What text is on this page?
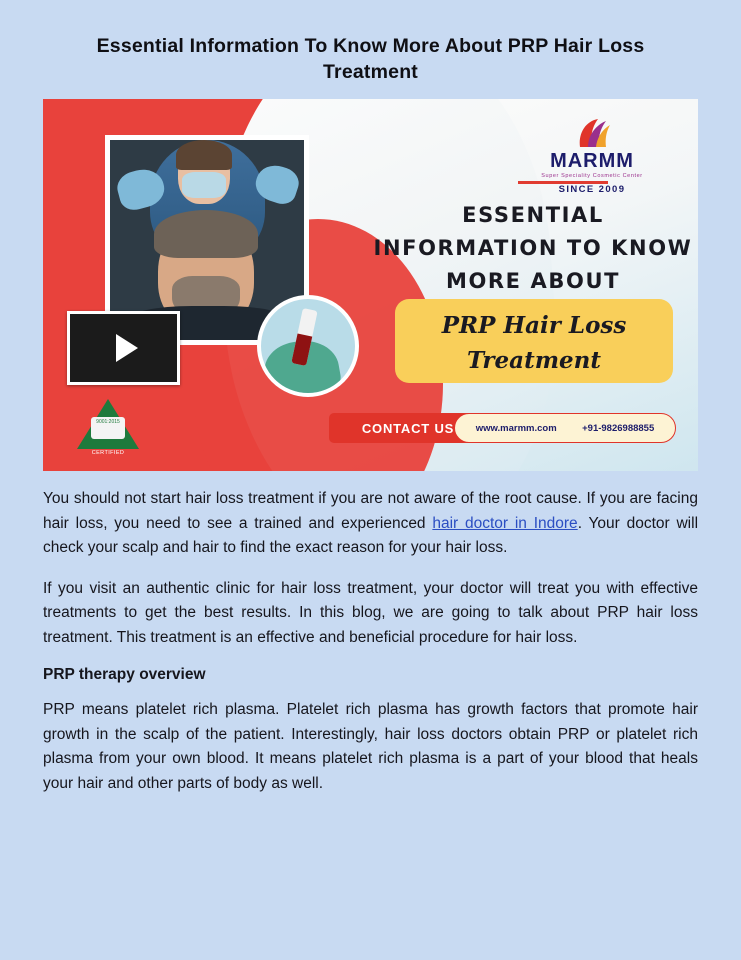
Essential Information To Know More About PRP Hair Loss Treatment
9001:2015
CERTIFIED
MARMM
Super Speciality Cosmetic Center
SINCE 2009
ESSENTIAL
INFORMATION TO KNOW
MORE ABOUT
PRP Hair Loss
Treatment
CONTACT US	www.marmm.com	+91-9826988855

You should not start hair loss treatment if you are not aware of the root cause. If you are facing hair loss, you need to see a trained and experienced hair doctor in Indore. Your doctor will check your scalp and hair to find the exact reason for your hair loss.

If you visit an authentic clinic for hair loss treatment, your doctor will treat you with effective treatments to get the best results. In this blog, we are going to talk about PRP hair loss treatment. This treatment is an effective and beneficial procedure for hair loss.

PRP therapy overview

PRP means platelet rich plasma. Platelet rich plasma has growth factors that promote hair growth in the scalp of the patient. Interestingly, hair loss doctors obtain PRP or platelet rich plasma from your own blood. It means platelet rich plasma is a part of your blood that heals your hair and other parts of body as well.
